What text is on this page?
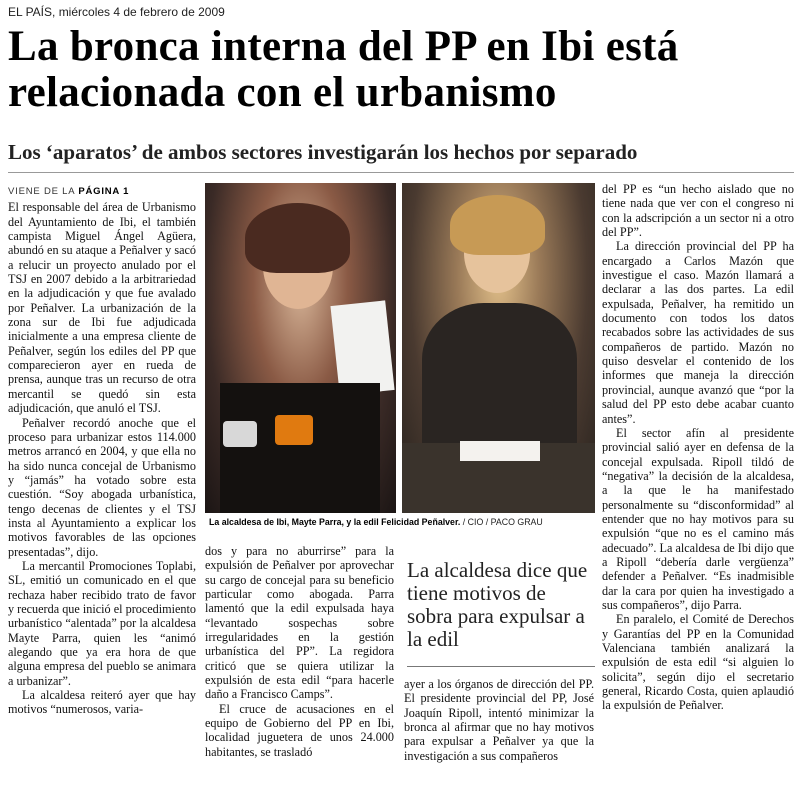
EL PAÍS, miércoles 4 de febrero de 2009
La bronca interna del PP en Ibi está relacionada con el urbanismo
Los ‘aparatos’ de ambos sectores investigarán los hechos por separado
VIENE DE LA PÁGINA 1

El responsable del área de Urbanismo del Ayuntamiento de Ibi, el también campista Miguel Ángel Agüera, abundó en su ataque a Peñalver y sacó a relucir un proyecto anulado por el TSJ en 2007 debido a la arbitrariedad en la adjudicación y que fue avalado por Peñalver. La urbanización de la zona sur de Ibi fue adjudicada inicialmente a una empresa cliente de Peñalver, según los ediles del PP que comparecieron ayer en rueda de prensa, aunque tras un recurso de otra mercantil se quedó sin esta adjudicación, que anuló el TSJ.

Peñalver recordó anoche que el proceso para urbanizar estos 114.000 metros arrancó en 2004, y que ella no ha sido nunca concejal de Urbanismo y “jamás” ha votado sobre esta cuestión. “Soy abogada urbanística, tengo decenas de clientes y el TSJ insta al Ayuntamiento a explicar los motivos favorables de las opciones presentadas”, dijo.

La mercantil Promociones Toplabi, SL, emitió un comunicado en el que rechaza haber recibido trato de favor y recuerda que inició el procedimiento urbanístico “alentada” por la alcaldesa Mayte Parra, quien les “animó alegando que ya era hora de que alguna empresa del pueblo se animara a urbanizar”.

La alcaldesa reiteró ayer que hay motivos “numerosos, varia-

La alcaldesa de Ibi, Mayte Parra, y la edil Felicidad Peñalver. / CIO / PACO GRAU

dos y para no aburrirse” para la expulsión de Peñalver por aprovechar su cargo de concejal para su beneficio particular como abogada. Parra lamentó que la edil expulsada haya “levantado sospechas sobre irregularidades en la gestión urbanística del PP”. La regidora criticó que se quiera utilizar la expulsión de esta edil “para hacerle daño a Francisco Camps”.

El cruce de acusaciones en el equipo de Gobierno del PP en Ibi, localidad juguetera de unos 24.000 habitantes, se trasladó

La alcaldesa dice que tiene motivos de sobra para expulsar a la edil

ayer a los órganos de dirección del PP. El presidente provincial del PP, José Joaquín Ripoll, intentó minimizar la bronca al afirmar que no hay motivos para expulsar a Peñalver ya que la investigación a sus compañeros

del PP es “un hecho aislado que no tiene nada que ver con el congreso ni con la adscripción a un sector ni a otro del PP”.

La dirección provincial del PP ha encargado a Carlos Mazón que investigue el caso. Mazón llamará a declarar a las dos partes. La edil expulsada, Peñalver, ha remitido un documento con todos los datos recabados sobre las actividades de sus compañeros de partido. Mazón no quiso desvelar el contenido de los informes que maneja la dirección provincial, aunque avanzó que “por la salud del PP esto debe acabar cuanto antes”.

El sector afín al presidente provincial salió ayer en defensa de la concejal expulsada. Ripoll tildó de “negativa” la decisión de la alcaldesa, a la que le ha manifestado personalmente su “disconformidad” al entender que no hay motivos para su expulsión “que no es el camino más adecuado”. La alcaldesa de Ibi dijo que a Ripoll “debería darle vergüenza” defender a Peñalver. “Es inadmisible dar la cara por quien ha investigado a sus compañeros”, dijo Parra.

En paralelo, el Comité de Derechos y Garantías del PP en la Comunidad Valenciana también analizará la expulsión de esta edil “si alguien lo solicita”, según dijo el secretario general, Ricardo Costa, quien aplaudió la expulsión de Peñalver.
